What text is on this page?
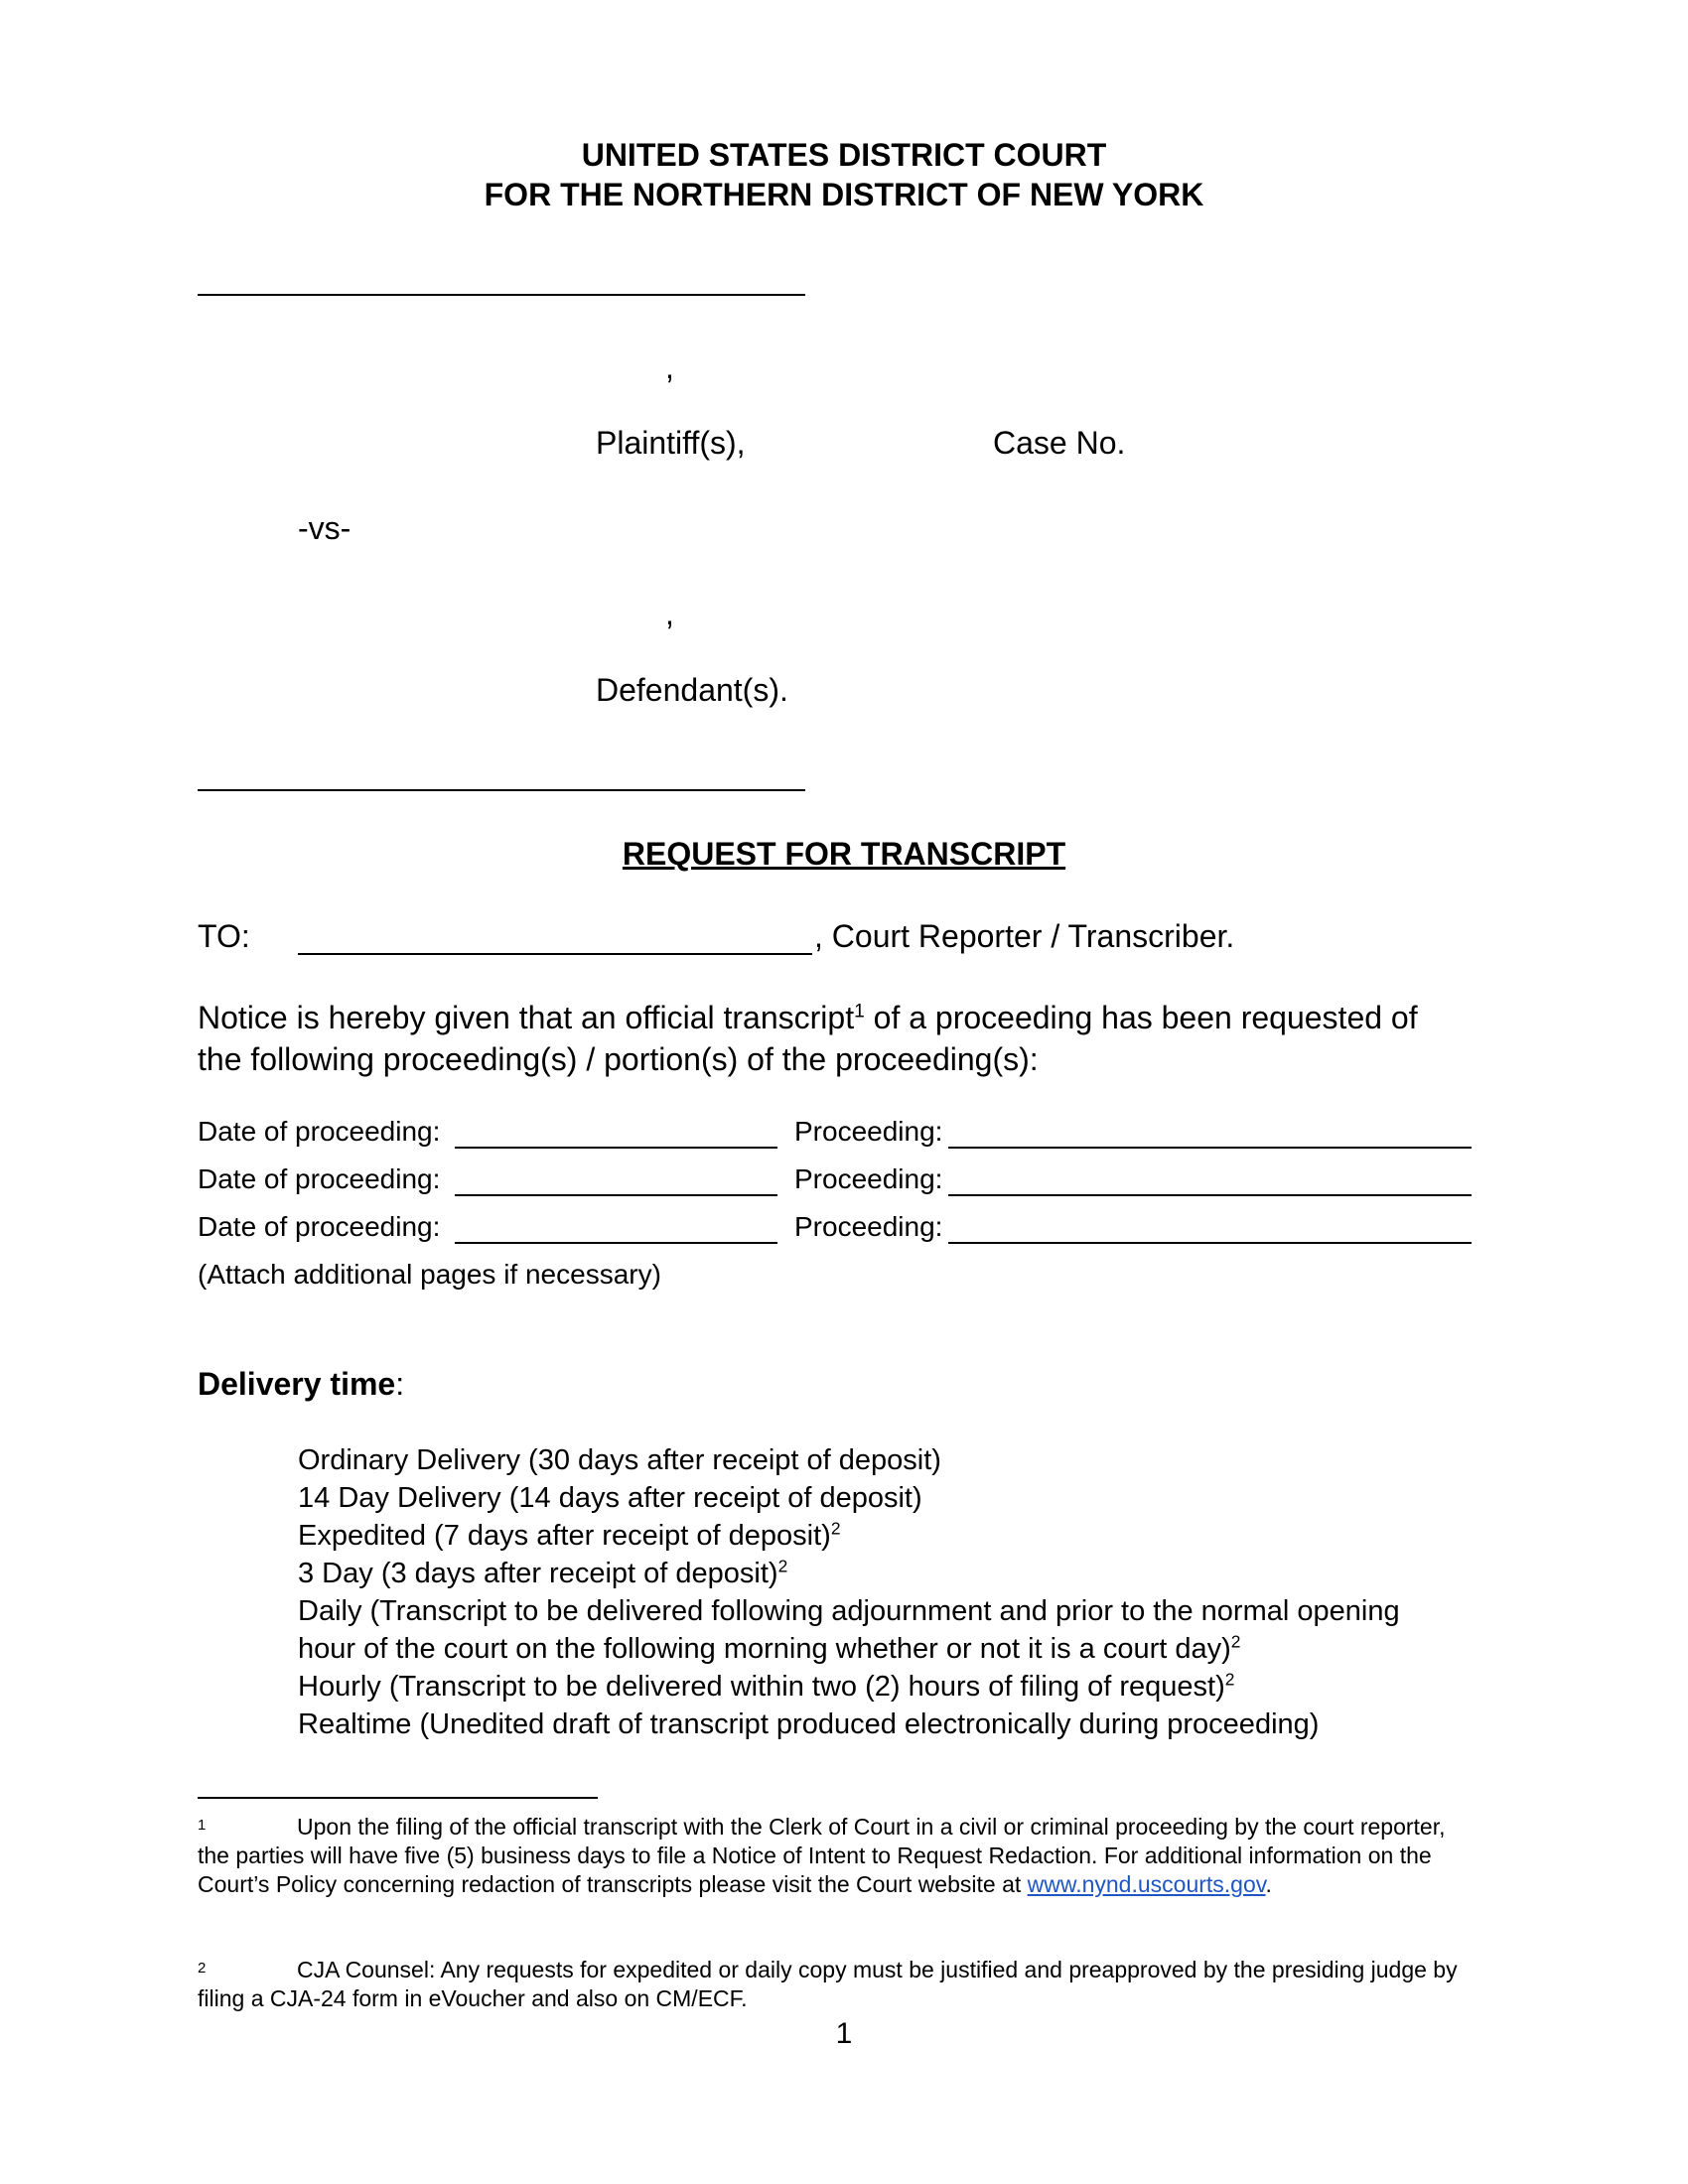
UNITED STATES DISTRICT COURT
FOR THE NORTHERN DISTRICT OF NEW YORK
,
Plaintiff(s),	Case No.
-vs-
,
Defendant(s).
REQUEST FOR TRANSCRIPT
TO:	, Court Reporter / Transcriber.
Notice is hereby given that an official transcript$^1$ of a proceeding has been requested of
the following proceeding(s) / portion(s) of the proceeding(s):
Date of proceeding:	Proceeding:
Date of proceeding:	Proceeding:
Date of proceeding:	Proceeding:
(Attach additional pages if necessary)
Delivery time:
Ordinary Delivery (30 days after receipt of deposit)
14 Day Delivery (14 days after receipt of deposit)
Expedited (7 days after receipt of deposit)$^2$
3 Day (3 days after receipt of deposit)$^2$
Daily (Transcript to be delivered following adjournment and prior to the normal opening
hour of the court on the following morning whether or not it is a court day)$^2$
Hourly (Transcript to be delivered within two (2) hours of filing of request)$^2$
Realtime (Unedited draft of transcript produced electronically during proceeding)
1	Upon the filing of the official transcript with the Clerk of Court in a civil or criminal proceeding by the court reporter, the parties will have five (5) business days to file a Notice of Intent to Request Redaction. For additional information on the Court’s Policy concerning redaction of transcripts please visit the Court website at www.nynd.uscourts.gov.
2	CJA Counsel: Any requests for expedited or daily copy must be justified and preapproved by the presiding judge by filing a CJA-24 form in eVoucher and also on CM/ECF.
1
